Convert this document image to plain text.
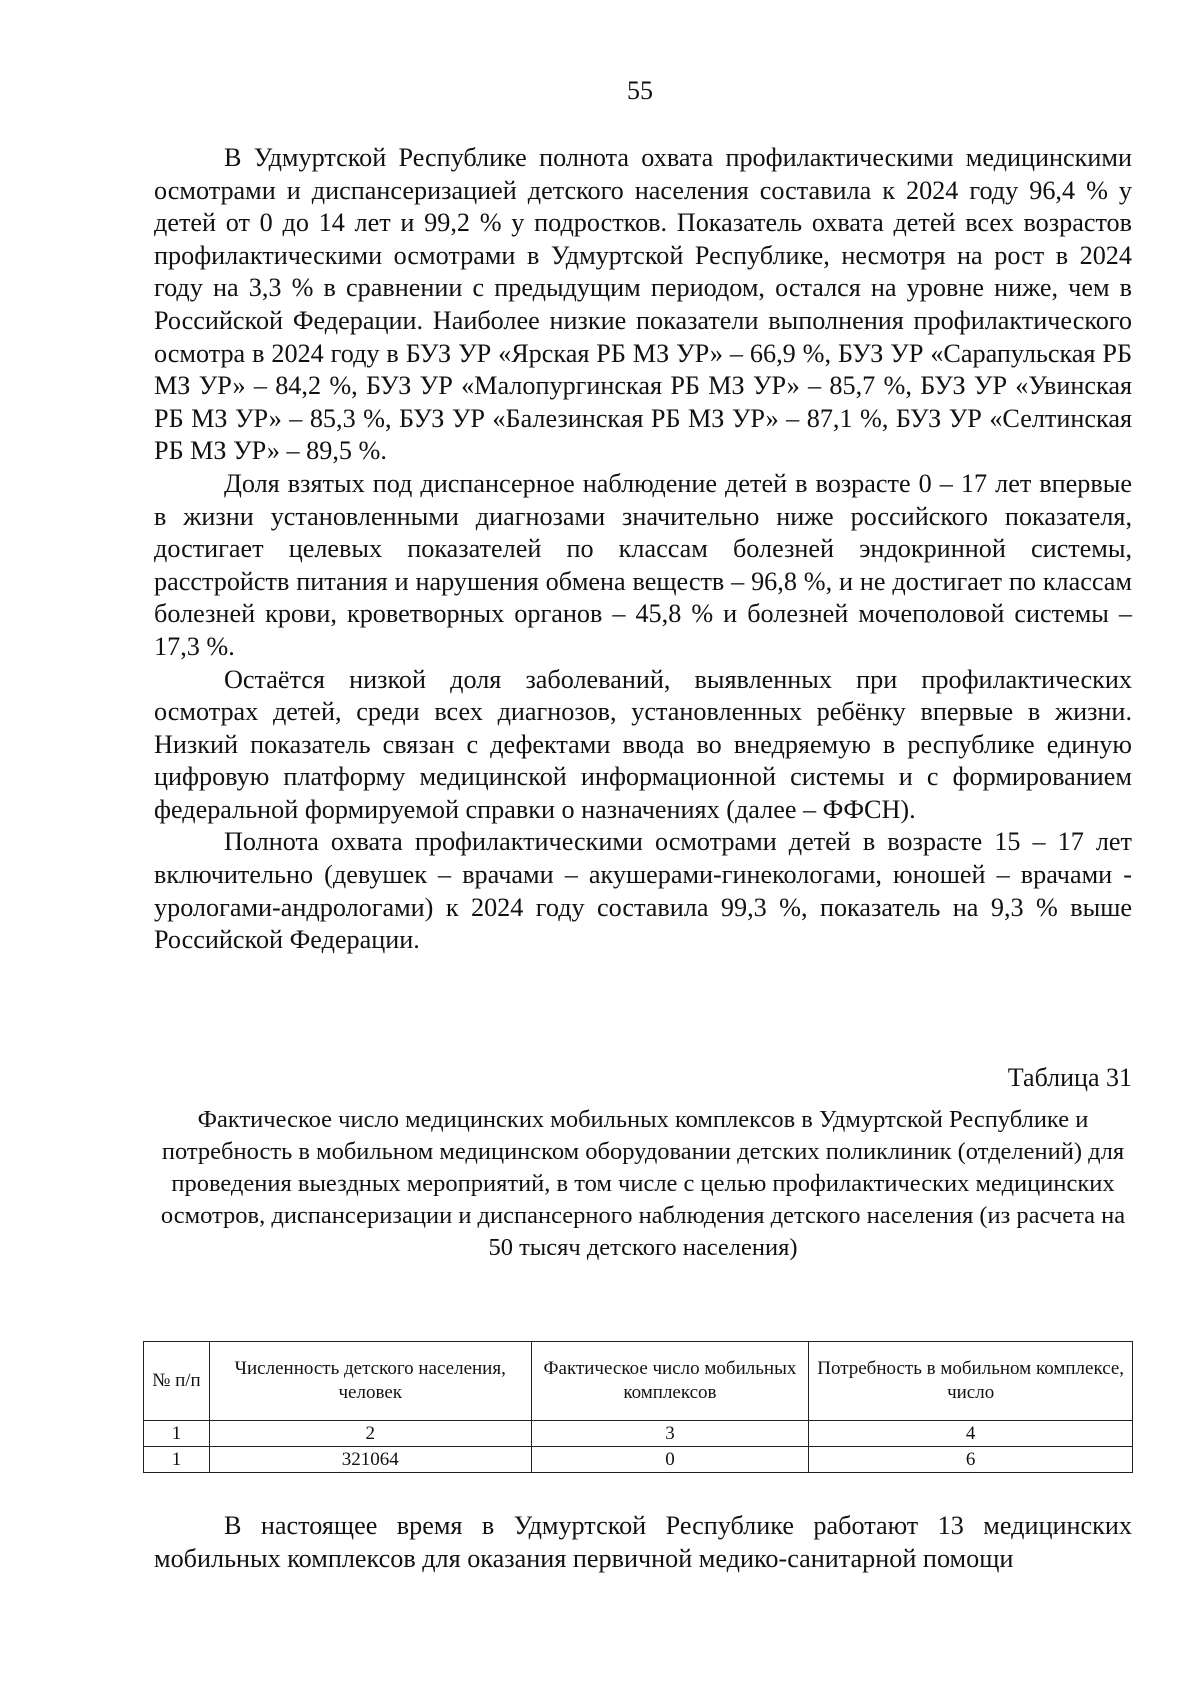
55

В Удмуртской Республике полнота охвата профилактическими медицинскими осмотрами и диспансеризацией детского населения составила к 2024 году 96,4 % у детей от 0 до 14 лет и 99,2 % у подростков. Показатель охвата детей всех возрастов профилактическими осмотрами в Удмуртской Республике, несмотря на рост в 2024 году на 3,3 % в сравнении с предыдущим периодом, остался на уровне ниже, чем в Российской Федерации. Наиболее низкие показатели выполнения профилактического осмотра в 2024 году в БУЗ УР «Ярская РБ МЗ УР» – 66,9 %, БУЗ УР «Сарапульская РБ МЗ УР» – 84,2 %, БУЗ УР «Малопургинская РБ МЗ УР» – 85,7 %, БУЗ УР «Увинская РБ МЗ УР» – 85,3 %, БУЗ УР «Балезинская РБ МЗ УР» – 87,1 %, БУЗ УР «Селтинская РБ МЗ УР» – 89,5 %.

Доля взятых под диспансерное наблюдение детей в возрасте 0 – 17 лет впервые в жизни установленными диагнозами значительно ниже российского показателя, достигает целевых показателей по классам болезней эндокринной системы, расстройств питания и нарушения обмена веществ – 96,8 %, и не достигает по классам болезней крови, кроветворных органов – 45,8 % и болезней мочеполовой системы – 17,3 %.

Остаётся низкой доля заболеваний, выявленных при профилактических осмотрах детей, среди всех диагнозов, установленных ребёнку впервые в жизни. Низкий показатель связан с дефектами ввода во внедряемую в республике единую цифровую платформу медицинской информационной системы и с формированием федеральной формируемой справки о назначениях (далее – ФФСН).

Полнота охвата профилактическими осмотрами детей в возрасте 15 – 17 лет включительно (девушек – врачами – акушерами-гинекологами, юношей – врачами - урологами-андрологами) к 2024 году составила 99,3 %, показатель на 9,3 % выше Российской Федерации.

Таблица 31
Фактическое число медицинских мобильных комплексов в Удмуртской Республике и потребность в мобильном медицинском оборудовании детских поликлиник (отделений) для проведения выездных мероприятий, в том числе с целью профилактических медицинских осмотров, диспансеризации и диспансерного наблюдения детского населения (из расчета на 50 тысяч детского населения)
№ п/п	Численность детского населения, человек	Фактическое число мобильных комплексов	Потребность в мобильном комплексе, число
1	2	3	4
1	321064	0	6

В настоящее время в Удмуртской Республике работают 13 медицинских мобильных комплексов для оказания первичной медико-санитарной помощи
